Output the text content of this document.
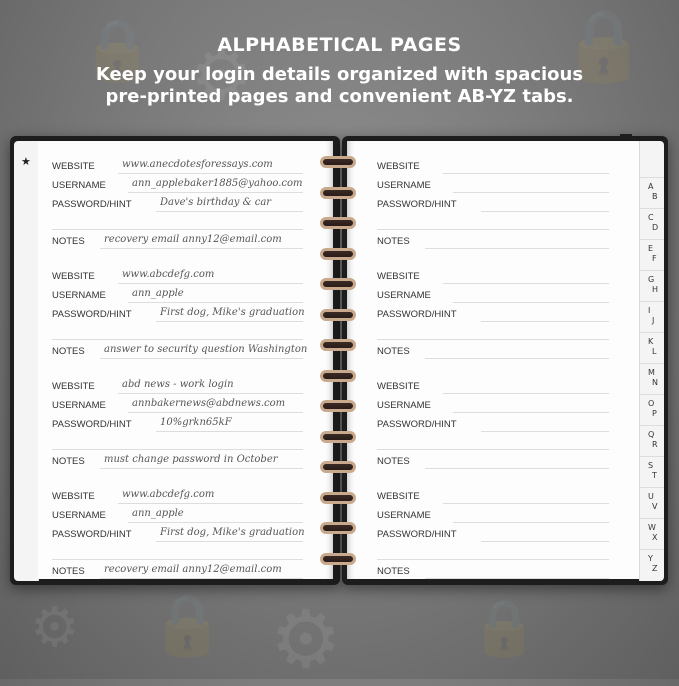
🔒 ⚙	🔒
⚙
🔒	🔒
⚙
ALPHABETICAL PAGES

Keep your login details organized with spacious
pre-printed pages and convenient AB-YZ tabs.

★ WEBSITE	www.anecdotesforessays.com
USERNAME	ann_applebaker1885@yahoo.com
PASSWORD/HINT	Dave's birthday & car
NOTES recovery email anny12@email.com
WEBSITE	www.abcdefg.com
USERNAME	ann_apple
PASSWORD/HINT	First dog, Mike's graduation
NOTES answer to security question Washington
WEBSITE	abd news - work login
USERNAME	annbakernews@abdnews.com
PASSWORD/HINT	10%grkn65kF
NOTES must change password in October
WEBSITE	www.abcdefg.com
USERNAME	ann_apple
PASSWORD/HINT	First dog, Mike's graduation
NOTES recovery email anny12@email.com
WEBSITE
USERNAME
PASSWORD/HINT
NOTES
WEBSITE
USERNAME
PASSWORD/HINT
NOTES
WEBSITE
USERNAME
PASSWORD/HINT
NOTES
WEBSITE
USERNAME
PASSWORD/HINT
NOTES
A
B
C
D
E
F
G
H
I
J
K
L
M
N
O
P
Q
R
S
T
U
V
W
X
Y
Z
